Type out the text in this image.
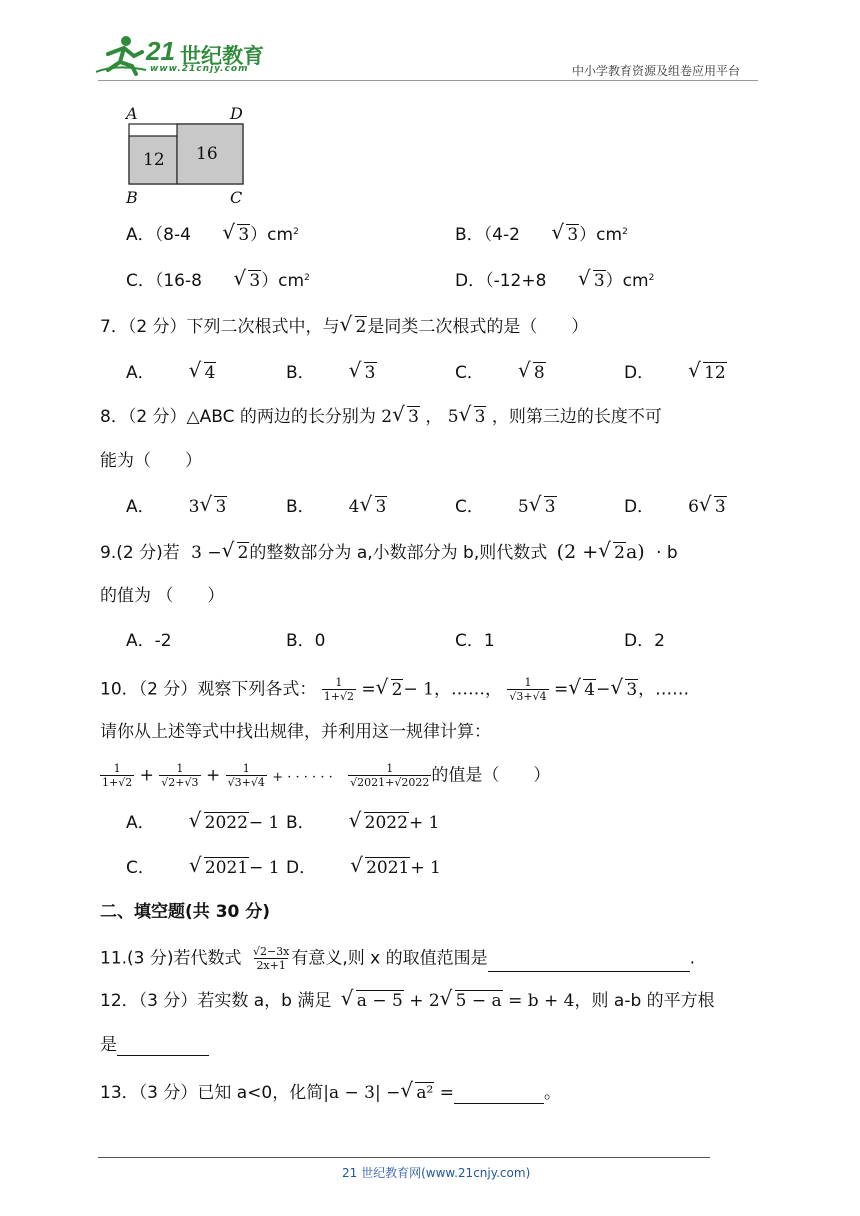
21 世纪教育
www.21cnjy.com	中小学教育资源及组卷应用平台
A	D
B	C
12 16
A．（8-4 √ $3)cm^2$	B．（4-2 √ $3)cm^2$
C．（16-8 √ $3)cm^2$	D．（-12+8 √ $3)cm^2$
7．（2 分）下列二次根式中，与 √ 2是同类二次根式的是（　　）
A． √ 4	B． √ 3	C． √ 8	D． √ 12
8．（2 分）△ABC 的两边的长分别为 2 √ 3 ， 5 √ 3 ，则第三边的长度不可
能为（　　）
A． 3 √ 3	B． 4 √ 3	C． 5 √ 3	D． 6 √ 3
9.(2 分)若 3 − √ 2的整数部分为 a,小数部分为 b,则代数式 (2 + √ 2a) · b
的值为 （　　）
A．-2	B．0	C．1	D．2
10．（2 分）观察下列各式： $\frac{1}{1+√2}$ = √ 2− 1，……， $\frac{1}{√3+√4}$ = √ 4− √ 3，……
请你从上述等式中找出规律，并利用这一规律计算：
$\frac{1}{1+√2} + \frac{1}{√2+√3} + \frac{1}{√3+√4}$ + · · · · · · $\frac{1}{√2021+√2022}$ 的值是（　　）
A． √ 2022− 1 B． √ 2022+ 1
C． √ 2021− 1 D． √ 2021+ 1
二、填空题(共 30 分)
11.(3 分)若代数式 $\frac{√2-3x}{2x+1}$ 有意义,则 x 的取值范围是	.
12．（3 分）若实数 a，b 满足 √ a − 5 + 2 √ 5 − a = b + 4，则 a-b 的平方根
是
13．（3 分）已知 a<0，化简|a − 3| − √ a² =	。
21 世纪教育网(www.21cnjy.com)
